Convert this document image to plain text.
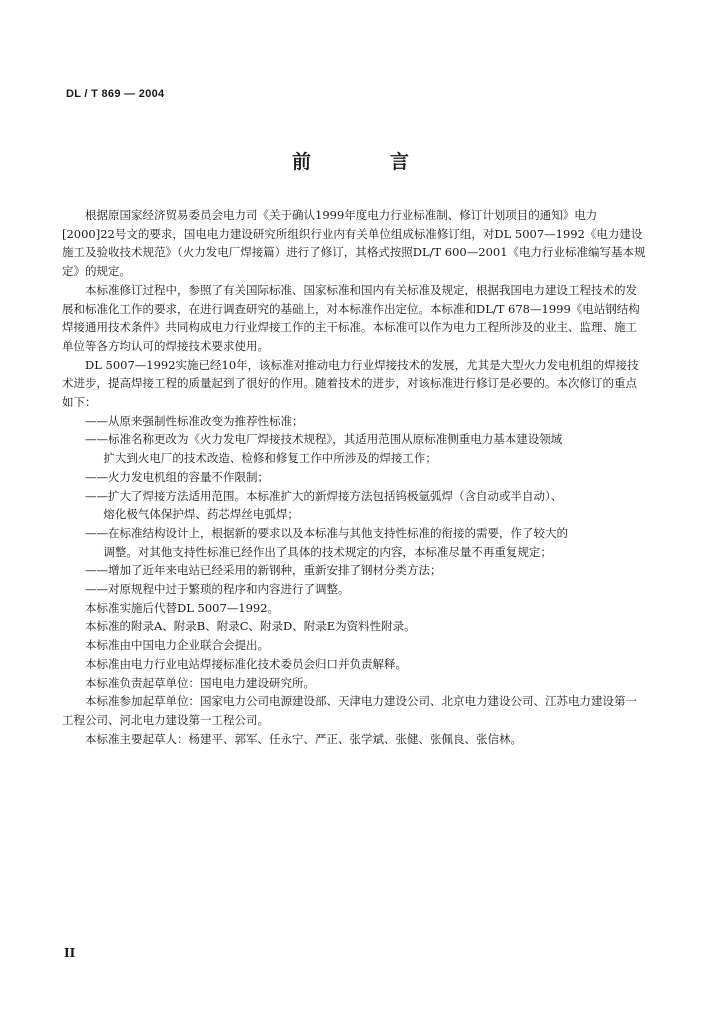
DL / T 869 — 2004
前　言
根据原国家经济贸易委员会电力司《关于确认1999年度电力行业标准制、修订计划项目的通知》电力[2000]22号文的要求，国电电力建设研究所组织行业内有关单位组成标准修订组，对DL 5007—1992《电力建设施工及验收技术规范》（火力发电厂焊接篇）进行了修订，其格式按照DL/T 600—2001《电力行业标准编写基本规定》的规定。
本标准修订过程中，参照了有关国际标准、国家标准和国内有关标准及规定，根据我国电力建设工程技术的发展和标准化工作的要求，在进行调查研究的基础上，对本标准作出定位。本标准和DL/T 678—1999《电站钢结构焊接通用技术条件》共同构成电力行业焊接工作的主干标准。本标准可以作为电力工程所涉及的业主、监理、施工单位等各方均认可的焊接技术要求使用。
DL 5007—1992实施已经10年，该标准对推动电力行业焊接技术的发展，尤其是大型火力发电机组的焊接技术进步，提高焊接工程的质量起到了很好的作用。随着技术的进步，对该标准进行修订是必要的。本次修订的重点如下：
——从原来强制性标准改变为推荐性标准；
——标准名称更改为《火力发电厂焊接技术规程》，其适用范围从原标准侧重电力基本建设领域
扩大到火电厂的技术改造、检修和修复工作中所涉及的焊接工作；
——火力发电机组的容量不作限制；
——扩大了焊接方法适用范围。本标准扩大的新焊接方法包括钨极氩弧焊（含自动或半自动）、
熔化极气体保护焊、药芯焊丝电弧焊；
——在标准结构设计上，根据新的要求以及本标准与其他支持性标准的衔接的需要，作了较大的
调整。对其他支持性标准已经作出了具体的技术规定的内容，本标准尽量不再重复规定；
——增加了近年来电站已经采用的新钢种，重新安排了钢材分类方法；
——对原规程中过于繁琐的程序和内容进行了调整。
本标准实施后代替DL 5007—1992。
本标准的附录A、附录B、附录C、附录D、附录E为资料性附录。
本标准由中国电力企业联合会提出。
本标准由电力行业电站焊接标准化技术委员会归口并负责解释。
本标准负责起草单位：国电电力建设研究所。
本标准参加起草单位：国家电力公司电源建设部、天津电力建设公司、北京电力建设公司、江苏电力建设第一工程公司、河北电力建设第一工程公司。
本标准主要起草人：杨建平、郭军、任永宁、严正、张学斌、张健、张佩良、张信林。
II
